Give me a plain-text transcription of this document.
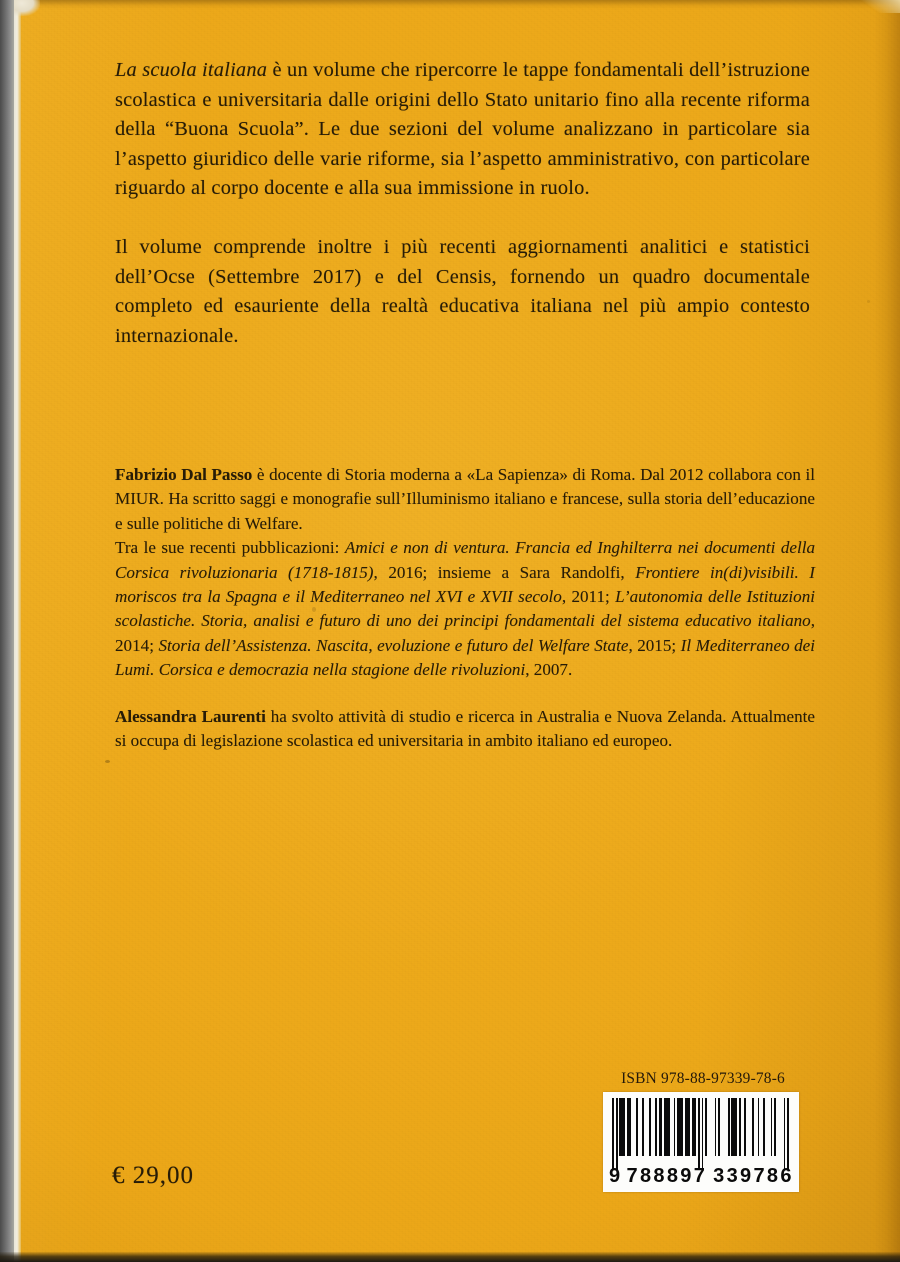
La scuola italiana è un volume che ripercorre le tappe fondamentali dell’istruzione scolastica e universitaria dalle origini dello Stato unitario fino alla recente riforma della “Buona Scuola”. Le due sezioni del volume analizzano in particolare sia l’aspetto giuridico delle varie riforme, sia l’aspetto amministrativo, con particolare riguardo al corpo docente e alla sua immissione in ruolo.

Il volume comprende inoltre i più recenti aggiornamenti analitici e statistici dell’Ocse (Settembre 2017) e del Censis, fornendo un quadro documentale completo ed esauriente della realtà educativa italiana nel più ampio contesto internazionale.

Fabrizio Dal Passo è docente di Storia moderna a «La Sapienza» di Roma. Dal 2012 collabora con il MIUR. Ha scritto saggi e monografie sull’Illuminismo italiano e francese, sulla storia dell’educazione e sulle politiche di Welfare.

Tra le sue recenti pubblicazioni: Amici e non di ventura. Francia ed Inghilterra nei documenti della Corsica rivoluzionaria (1718-1815), 2016; insieme a Sara Randolfi, Frontiere in(di)visibili. I moriscos tra la Spagna e il Mediterraneo nel XVI e XVII secolo, 2011; L’autonomia delle Istituzioni scolastiche. Storia, analisi e futuro di uno dei principi fondamentali del sistema educativo italiano, 2014; Storia dell’Assistenza. Nascita, evoluzione e futuro del Welfare State, 2015; Il Mediterraneo dei Lumi. Corsica e democrazia nella stagione delle rivoluzioni, 2007.

Alessandra Laurenti ha svolto attività di studio e ricerca in Australia e Nuova Zelanda. Attualmente si occupa di legislazione scolastica ed universitaria in ambito italiano ed europeo.

ISBN 978-88-97339-78-6
9 7 8 8 8 9 7 3 3 9 7 8 6
€ 29,00
